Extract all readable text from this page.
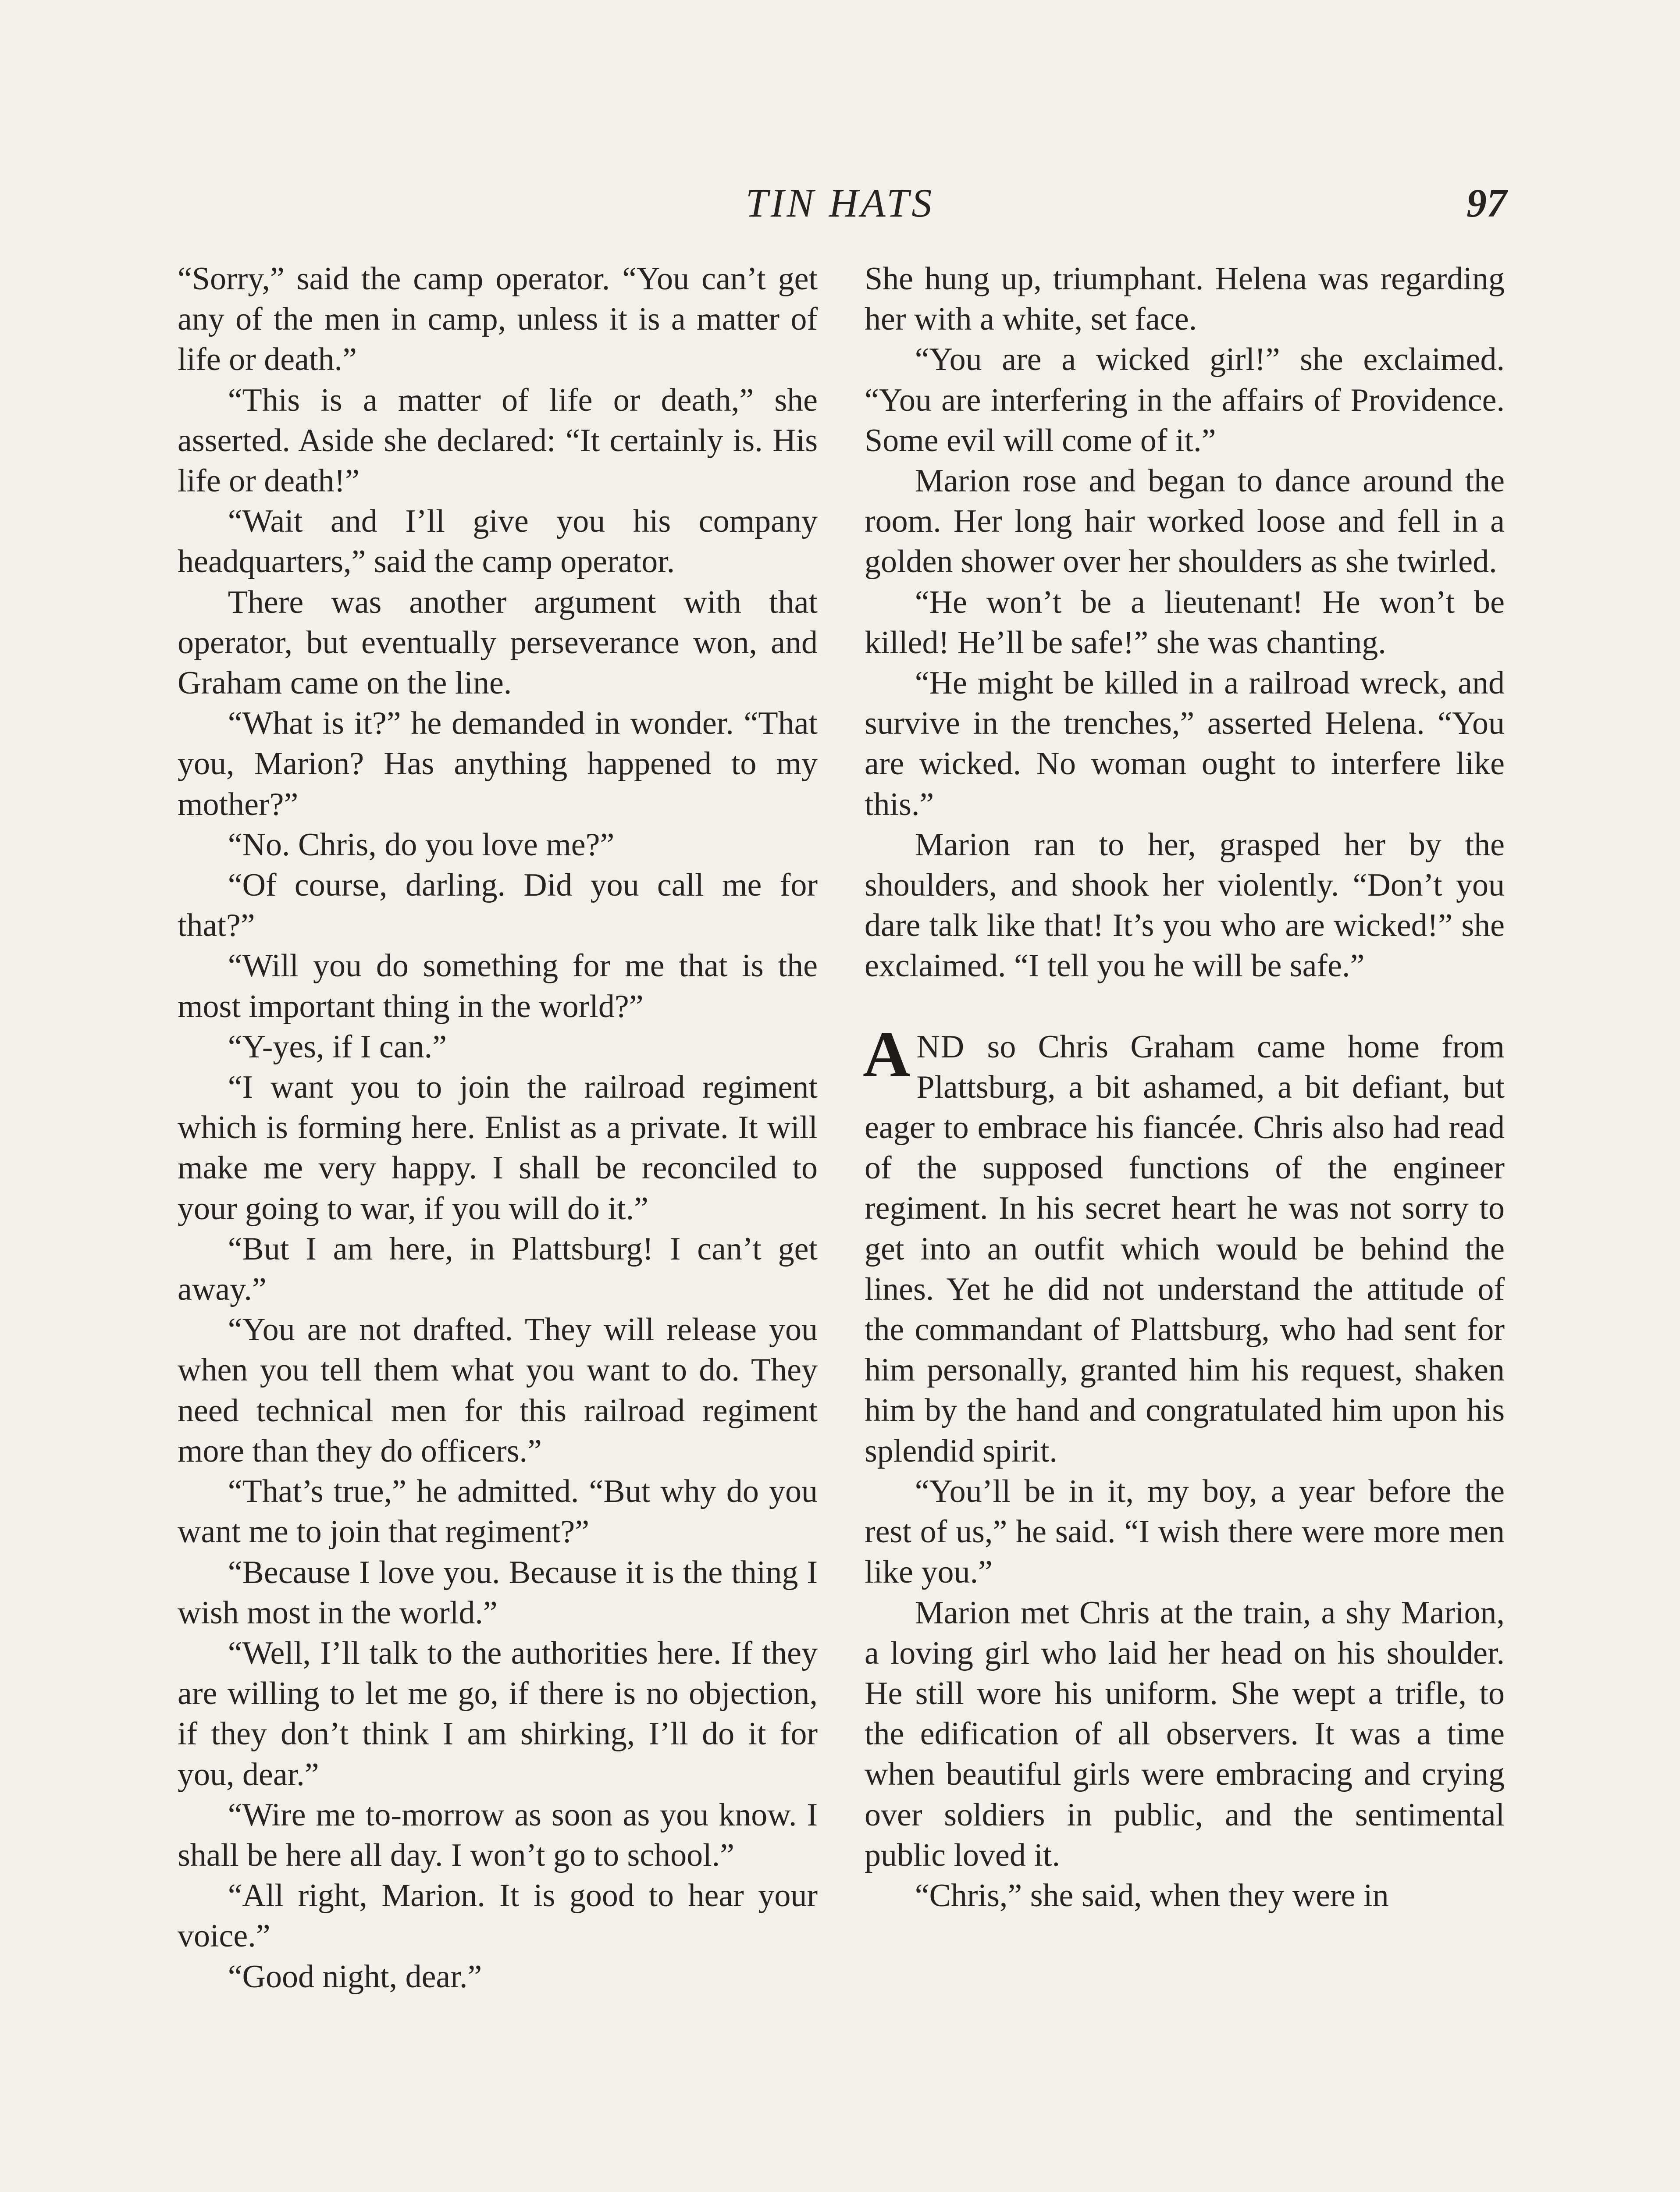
TIN HATS	97

“Sorry,” said the camp operator. “You can’t get any of the men in camp, unless it is a matter of life or death.”

“This is a matter of life or death,” she asserted. Aside she declared: “It certainly is. His life or death!”

“Wait and I’ll give you his company headquarters,” said the camp operator.

There was another argument with that operator, but eventually perseverance won, and Graham came on the line.

“What is it?” he demanded in wonder. “That you, Marion? Has anything happened to my mother?”

“No. Chris, do you love me?”

“Of course, darling. Did you call me for that?”

“Will you do something for me that is the most important thing in the world?”

“Y-yes, if I can.”

“I want you to join the railroad regiment which is forming here. Enlist as a private. It will make me very happy. I shall be reconciled to your going to war, if you will do it.”

“But I am here, in Plattsburg! I can’t get away.”

“You are not drafted. They will release you when you tell them what you want to do. They need technical men for this railroad regiment more than they do officers.”

“That’s true,” he admitted. “But why do you want me to join that regiment?”

“Because I love you. Because it is the thing I wish most in the world.”

“Well, I’ll talk to the authorities here. If they are willing to let me go, if there is no objection, if they don’t think I am shirking, I’ll do it for you, dear.”

“Wire me to-morrow as soon as you know. I shall be here all day. I won’t go to school.”

“All right, Marion. It is good to hear your voice.”

“Good night, dear.”

She hung up, triumphant. Helena was regarding her with a white, set face.

“You are a wicked girl!” she exclaimed. “You are interfering in the affairs of Providence. Some evil will come of it.”

Marion rose and began to dance around the room. Her long hair worked loose and fell in a golden shower over her shoulders as she twirled.

“He won’t be a lieutenant! He won’t be killed! He’ll be safe!” she was chanting.

“He might be killed in a railroad wreck, and survive in the trenches,” asserted Helena. “You are wicked. No woman ought to interfere like this.”

Marion ran to her, grasped her by the shoulders, and shook her violently. “Don’t you dare talk like that! It’s you who are wicked!” she exclaimed. “I tell you he will be safe.”

AND so Chris Graham came home from Plattsburg, a bit ashamed, a bit defiant, but eager to embrace his fiancée. Chris also had read of the supposed functions of the engineer regiment. In his secret heart he was not sorry to get into an outfit which would be behind the lines. Yet he did not understand the attitude of the commandant of Plattsburg, who had sent for him personally, granted him his request, shaken him by the hand and congratulated him upon his splendid spirit.

“You’ll be in it, my boy, a year before the rest of us,” he said. “I wish there were more men like you.”

Marion met Chris at the train, a shy Marion, a loving girl who laid her head on his shoulder. He still wore his uniform. She wept a trifle, to the edification of all observers. It was a time when beautiful girls were embracing and crying over soldiers in public, and the sentimental public loved it.

“Chris,” she said, when they were in
